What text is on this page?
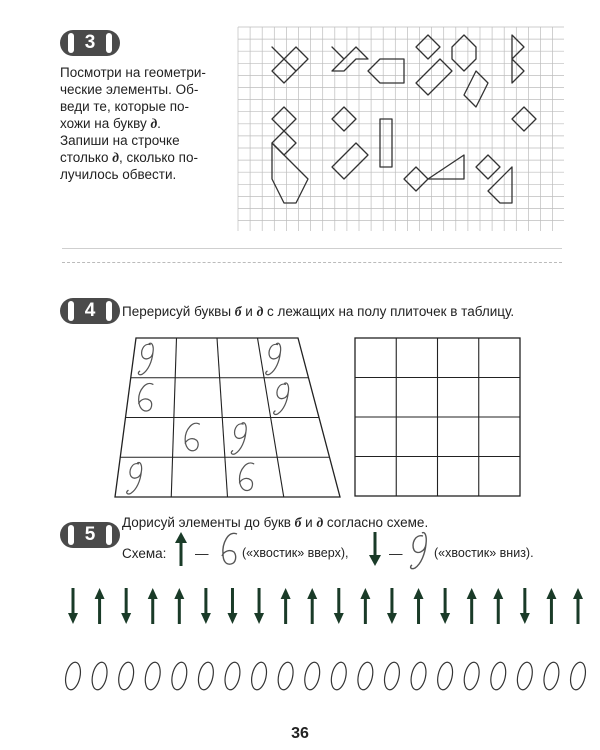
3
Посмотри на геометри-
ческие элементы. Об-
веди те, которые по-
хожи на букву д.
Запиши на строчке
столько д, сколько по-
лучилось обвести.
4	Перерисуй буквы б и д с лежащих на полу плиточек в таблицу.
5
Дорисуй элементы до букв б и д согласно схеме.
Схема: —	(«хвостик» вверх),	—	(«хвостик» вниз).
36
